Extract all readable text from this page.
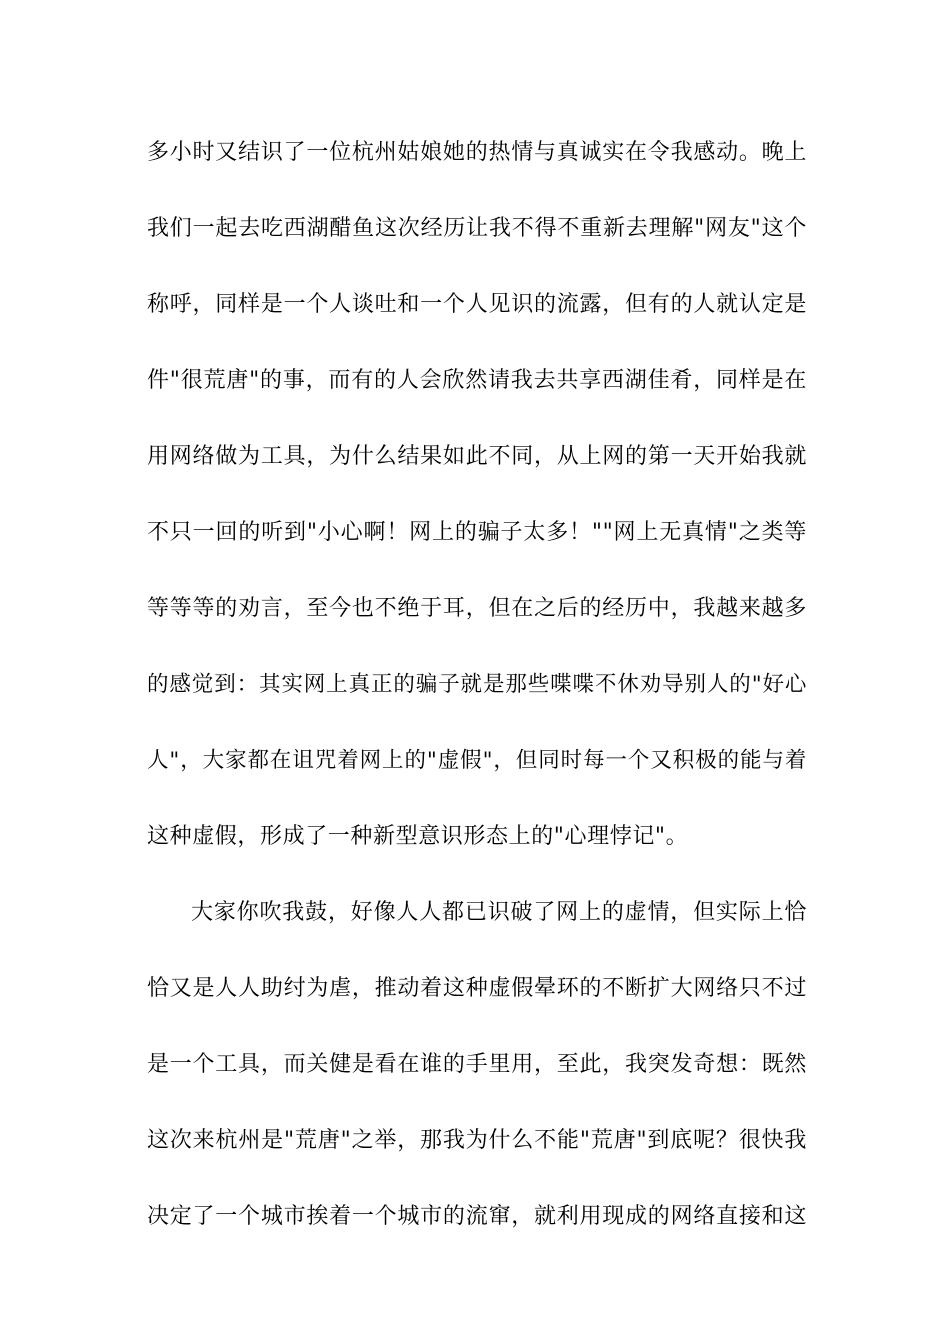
多小时又结识了一位杭州姑娘她的热情与真诚实在令我感动。晚上
我们一起去吃西湖醋鱼这次经历让我不得不重新去理解"网友"这个
称呼，同样是一个人谈吐和一个人见识的流露，但有的人就认定是
件"很荒唐"的事，而有的人会欣然请我去共享西湖佳肴，同样是在
用网络做为工具，为什么结果如此不同，从上网的第一天开始我就
不只一回的听到"小心啊！网上的骗子太多！""网上无真情"之类等
等等等的劝言，至今也不绝于耳，但在之后的经历中，我越来越多
的感觉到：其实网上真正的骗子就是那些喋喋不休劝导别人的"好心
人"，大家都在诅咒着网上的"虚假"，但同时每一个又积极的能与着
这种虚假，形成了一种新型意识形态上的"心理悖记"。
大家你吹我鼓，好像人人都已识破了网上的虚情，但实际上恰
恰又是人人助纣为虐，推动着这种虚假晕环的不断扩大网络只不过
是一个工具，而关健是看在谁的手里用，至此，我突发奇想：既然
这次来杭州是"荒唐"之举，那我为什么不能"荒唐"到底呢？很快我
决定了一个城市挨着一个城市的流窜，就利用现成的网络直接和这
